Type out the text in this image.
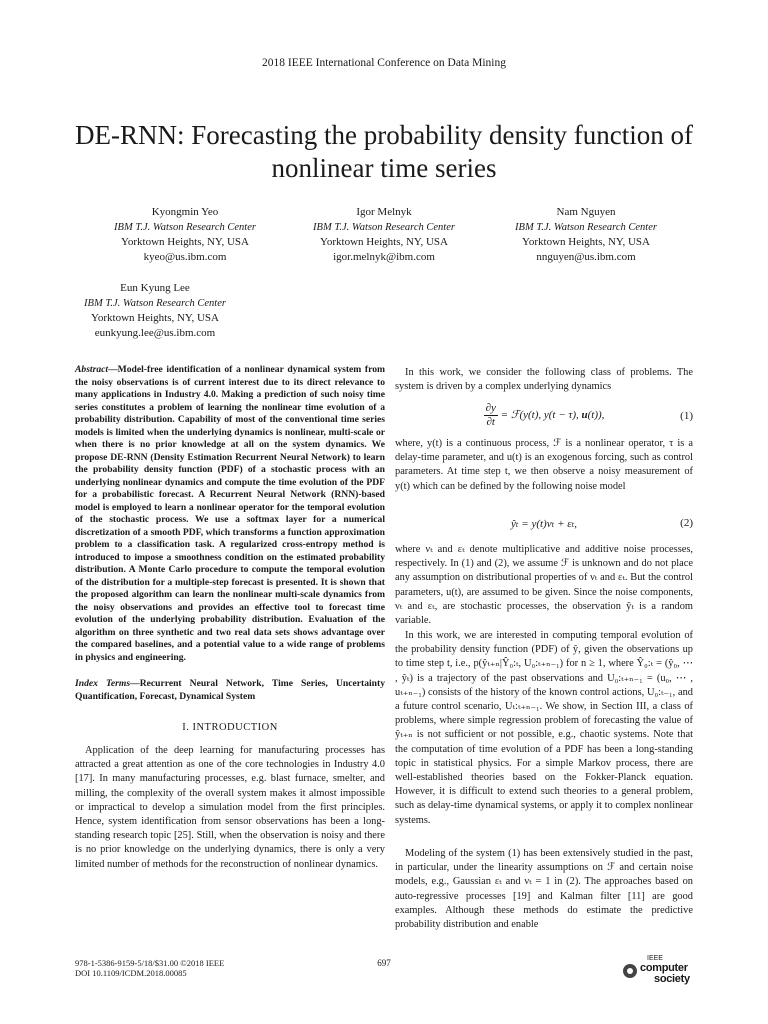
2018 IEEE International Conference on Data Mining
DE-RNN: Forecasting the probability density function of nonlinear time series
Kyongmin Yeo
IBM T.J. Watson Research Center
Yorktown Heights, NY, USA
kyeo@us.ibm.com
Igor Melnyk
IBM T.J. Watson Research Center
Yorktown Heights, NY, USA
igor.melnyk@ibm.com
Nam Nguyen
IBM T.J. Watson Research Center
Yorktown Heights, NY, USA
nnguyen@us.ibm.com
Eun Kyung Lee
IBM T.J. Watson Research Center
Yorktown Heights, NY, USA
eunkyung.lee@us.ibm.com
Abstract—Model-free identification of a nonlinear dynamical system from the noisy observations is of current interest due to its direct relevance to many applications in Industry 4.0. Making a prediction of such noisy time series constitutes a problem of learning the nonlinear time evolution of a probability distribution. Capability of most of the conventional time series models is limited when the underlying dynamics is nonlinear, multi-scale or when there is no prior knowledge at all on the system dynamics. We propose DE-RNN (Density Estimation Recurrent Neural Network) to learn the probability density function (PDF) of a stochastic process with an underlying nonlinear dynamics and compute the time evolution of the PDF for a probabilistic forecast. A Recurrent Neural Network (RNN)-based model is employed to learn a nonlinear operator for the temporal evolution of the stochastic process. We use a softmax layer for a numerical discretization of a smooth PDF, which transforms a function approximation problem to a classification task. A regularized cross-entropy method is introduced to impose a smoothness condition on the estimated probability distribution. A Monte Carlo procedure to compute the temporal evolution of the distribution for a multiple-step forecast is presented. It is shown that the proposed algorithm can learn the nonlinear multi-scale dynamics from the noisy observations and provides an effective tool to forecast time evolution of the underlying probability distribution. Evaluation of the algorithm on three synthetic and two real data sets shows advantage over the compared baselines, and a potential value to a wide range of problems in physics and engineering.
Index Terms—Recurrent Neural Network, Time Series, Uncertainty Quantification, Forecast, Dynamical System
I. INTRODUCTION

Application of the deep learning for manufacturing processes has attracted a great attention as one of the core technologies in Industry 4.0 [17]. In many manufacturing processes, e.g. blast furnace, smelter, and milling, the complexity of the overall system makes it almost impossible or impractical to develop a simulation model from the first principles. Hence, system identification from sensor observations has been a long-standing research topic [25]. Still, when the observation is noisy and there is no prior knowledge on the underlying dynamics, there is only a very limited number of methods for the reconstruction of nonlinear dynamics.

In this work, we consider the following class of problems. The system is driven by a complex underlying dynamics

$\frac{\partial y}{\partial t}$ = ℱ(y(t), y(t − τ), u(t)),	(1)

where, y(t) is a continuous process, ℱ is a nonlinear operator, τ is a delay-time parameter, and u(t) is an exogenous forcing, such as control parameters. At time step t, we then observe a noisy measurement of y(t) which can be defined by the following noise model

ŷₜ = y(t)νₜ + εₜ,	(2)

where νₜ and εₜ denote multiplicative and additive noise processes, respectively. In (1) and (2), we assume ℱ is unknown and do not place any assumption on distributional properties of νₜ and εₜ. But the control parameters, u(t), are assumed to be given. Since the noise components, νₜ and εₜ, are stochastic processes, the observation ŷₜ is a random variable.

In this work, we are interested in computing temporal evolution of the probability density function (PDF) of ŷ, given the observations up to time step t, i.e., p(ŷₜ₊ₙ|Ŷ₀:ₜ, U₀:ₜ₊ₙ₋₁) for n ≥ 1, where Ŷ₀:ₜ = (ŷ₀, ⋯ , ŷₜ) is a trajectory of the past observations and U₀:ₜ₊ₙ₋₁ = (u₀, ⋯ , uₜ₊ₙ₋₁) consists of the history of the known control actions, U₀:ₜ₋₁, and a future control scenario, Uₜ:ₜ₊ₙ₋₁. We show, in Section III, a class of problems, where simple regression problem of forecasting the value of ŷₜ₊ₙ is not sufficient or not possible, e.g., chaotic systems. Note that the computation of time evolution of a PDF has been a long-standing topic in statistical physics. For a simple Markov process, there are well-established theories based on the Fokker-Planck equation. However, it is difficult to extend such theories to a general problem, such as delay-time dynamical systems, or apply it to complex nonlinear systems.

Modeling of the system (1) has been extensively studied in the past, in particular, under the linearity assumptions on ℱ and certain noise models, e.g., Gaussian εₜ and νₜ = 1 in (2). The approaches based on auto-regressive processes [19] and Kalman filter [11] are good examples. Although these methods do estimate the predictive probability distribution and enable

978-1-5386-9159-5/18/$31.00 ©2018 IEEE
DOI 10.1109/ICDM.2018.00085
697	IEEE
computer
society
